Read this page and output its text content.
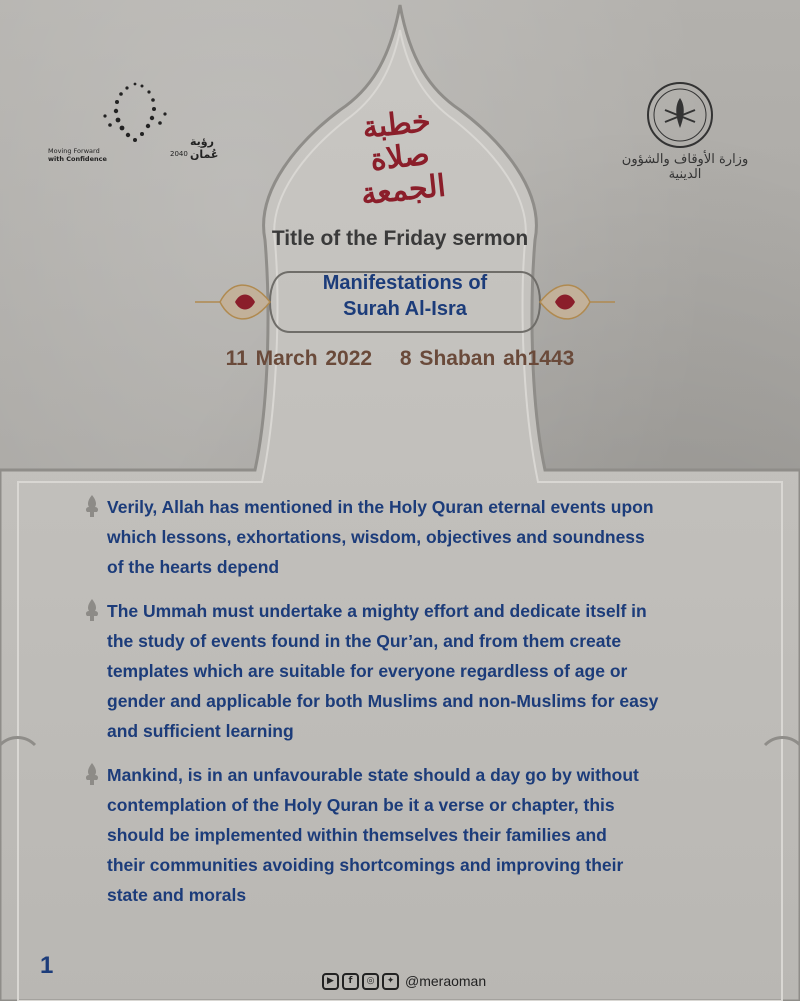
رؤية عُمان
Moving Forward
with Confidence
2040
خطبة صلاة الجمعة
وزارة الأوقاف والشؤون الدينية
Title of the Friday sermon
Manifestations of
Surah Al-Isra
11 March 2022 8 Shaban ah1443
Verily, Allah has mentioned in the Holy Quran eternal events upon
which lessons, exhortations, wisdom, objectives and soundness
of the hearts depend
The Ummah must undertake a mighty effort and dedicate itself in
the study of events found in the Qur’an, and from them create
templates which are suitable for everyone regardless of age or
gender and applicable for both Muslims and non-Muslims for easy
and sufficient learning
Mankind, is in an unfavourable state should a day go by without
contemplation of the Holy Quran be it a verse or chapter, this
should be implemented within themselves their families and
their communities avoiding shortcomings and improving their
state and morals
1
▶	f	◎	✦ @meraoman
